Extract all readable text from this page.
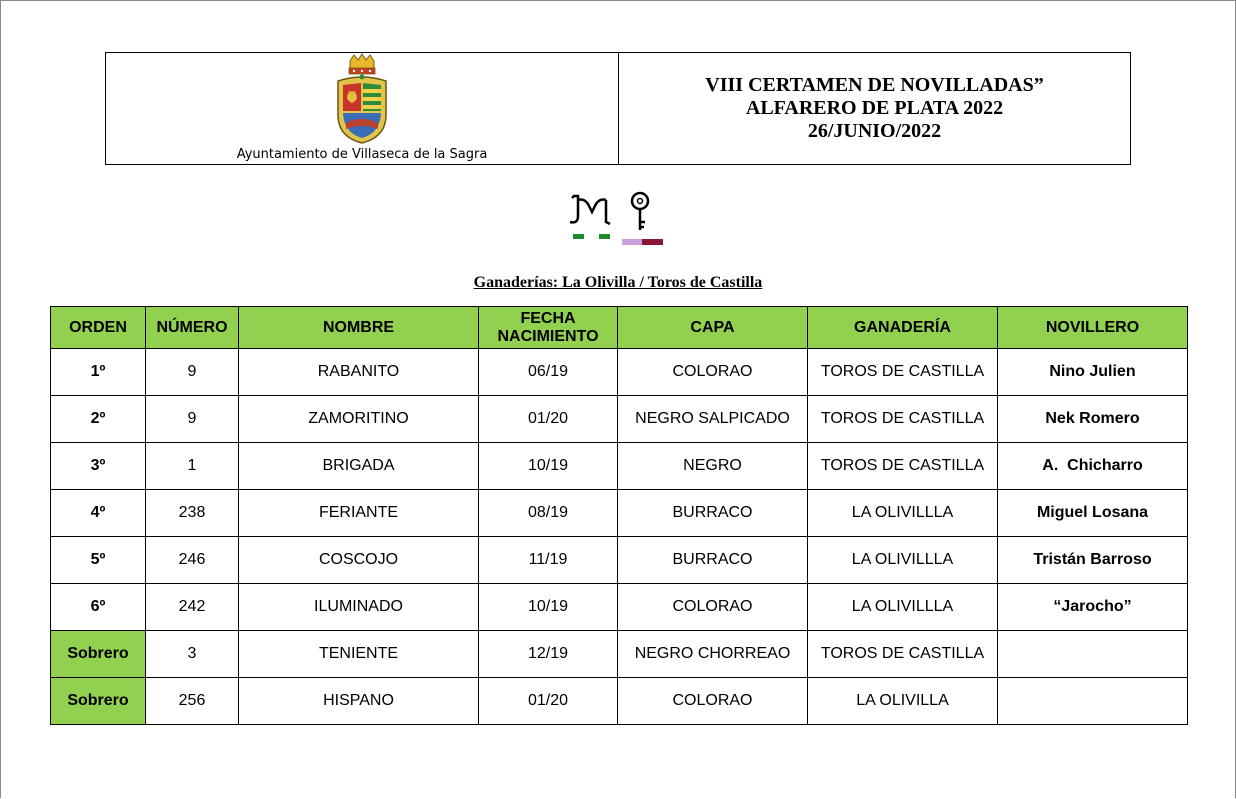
Ayuntamiento de Villaseca de la Sagra
VIII CERTAMEN DE NOVILLADAS”
ALFARERO DE PLATA 2022
26/JUNIO/2022
Ganaderías: La Olivilla / Toros de Castilla
ORDEN	NÚMERO	NOMBRE	FECHA NACIMIENTO	CAPA	GANADERÍA	NOVILLERO
1º	9	RABANITO	06/19	COLORAO	TOROS DE CASTILLA	Nino Julien
2º	9	ZAMORITINO	01/20	NEGRO SALPICADO	TOROS DE CASTILLA	Nek Romero
3º	1	BRIGADA	10/19	NEGRO	TOROS DE CASTILLA	A.  Chicharro
4º	238	FERIANTE	08/19	BURRACO	LA OLIVILLLA	Miguel Losana
5º	246	COSCOJO	11/19	BURRACO	LA OLIVILLLA	Tristán Barroso
6º	242	ILUMINADO	10/19	COLORAO	LA OLIVILLLA	“Jarocho”
Sobrero	3	TENIENTE	12/19	NEGRO CHORREAO	TOROS DE CASTILLA	
Sobrero	256	HISPANO	01/20	COLORAO	LA OLIVILLA	
